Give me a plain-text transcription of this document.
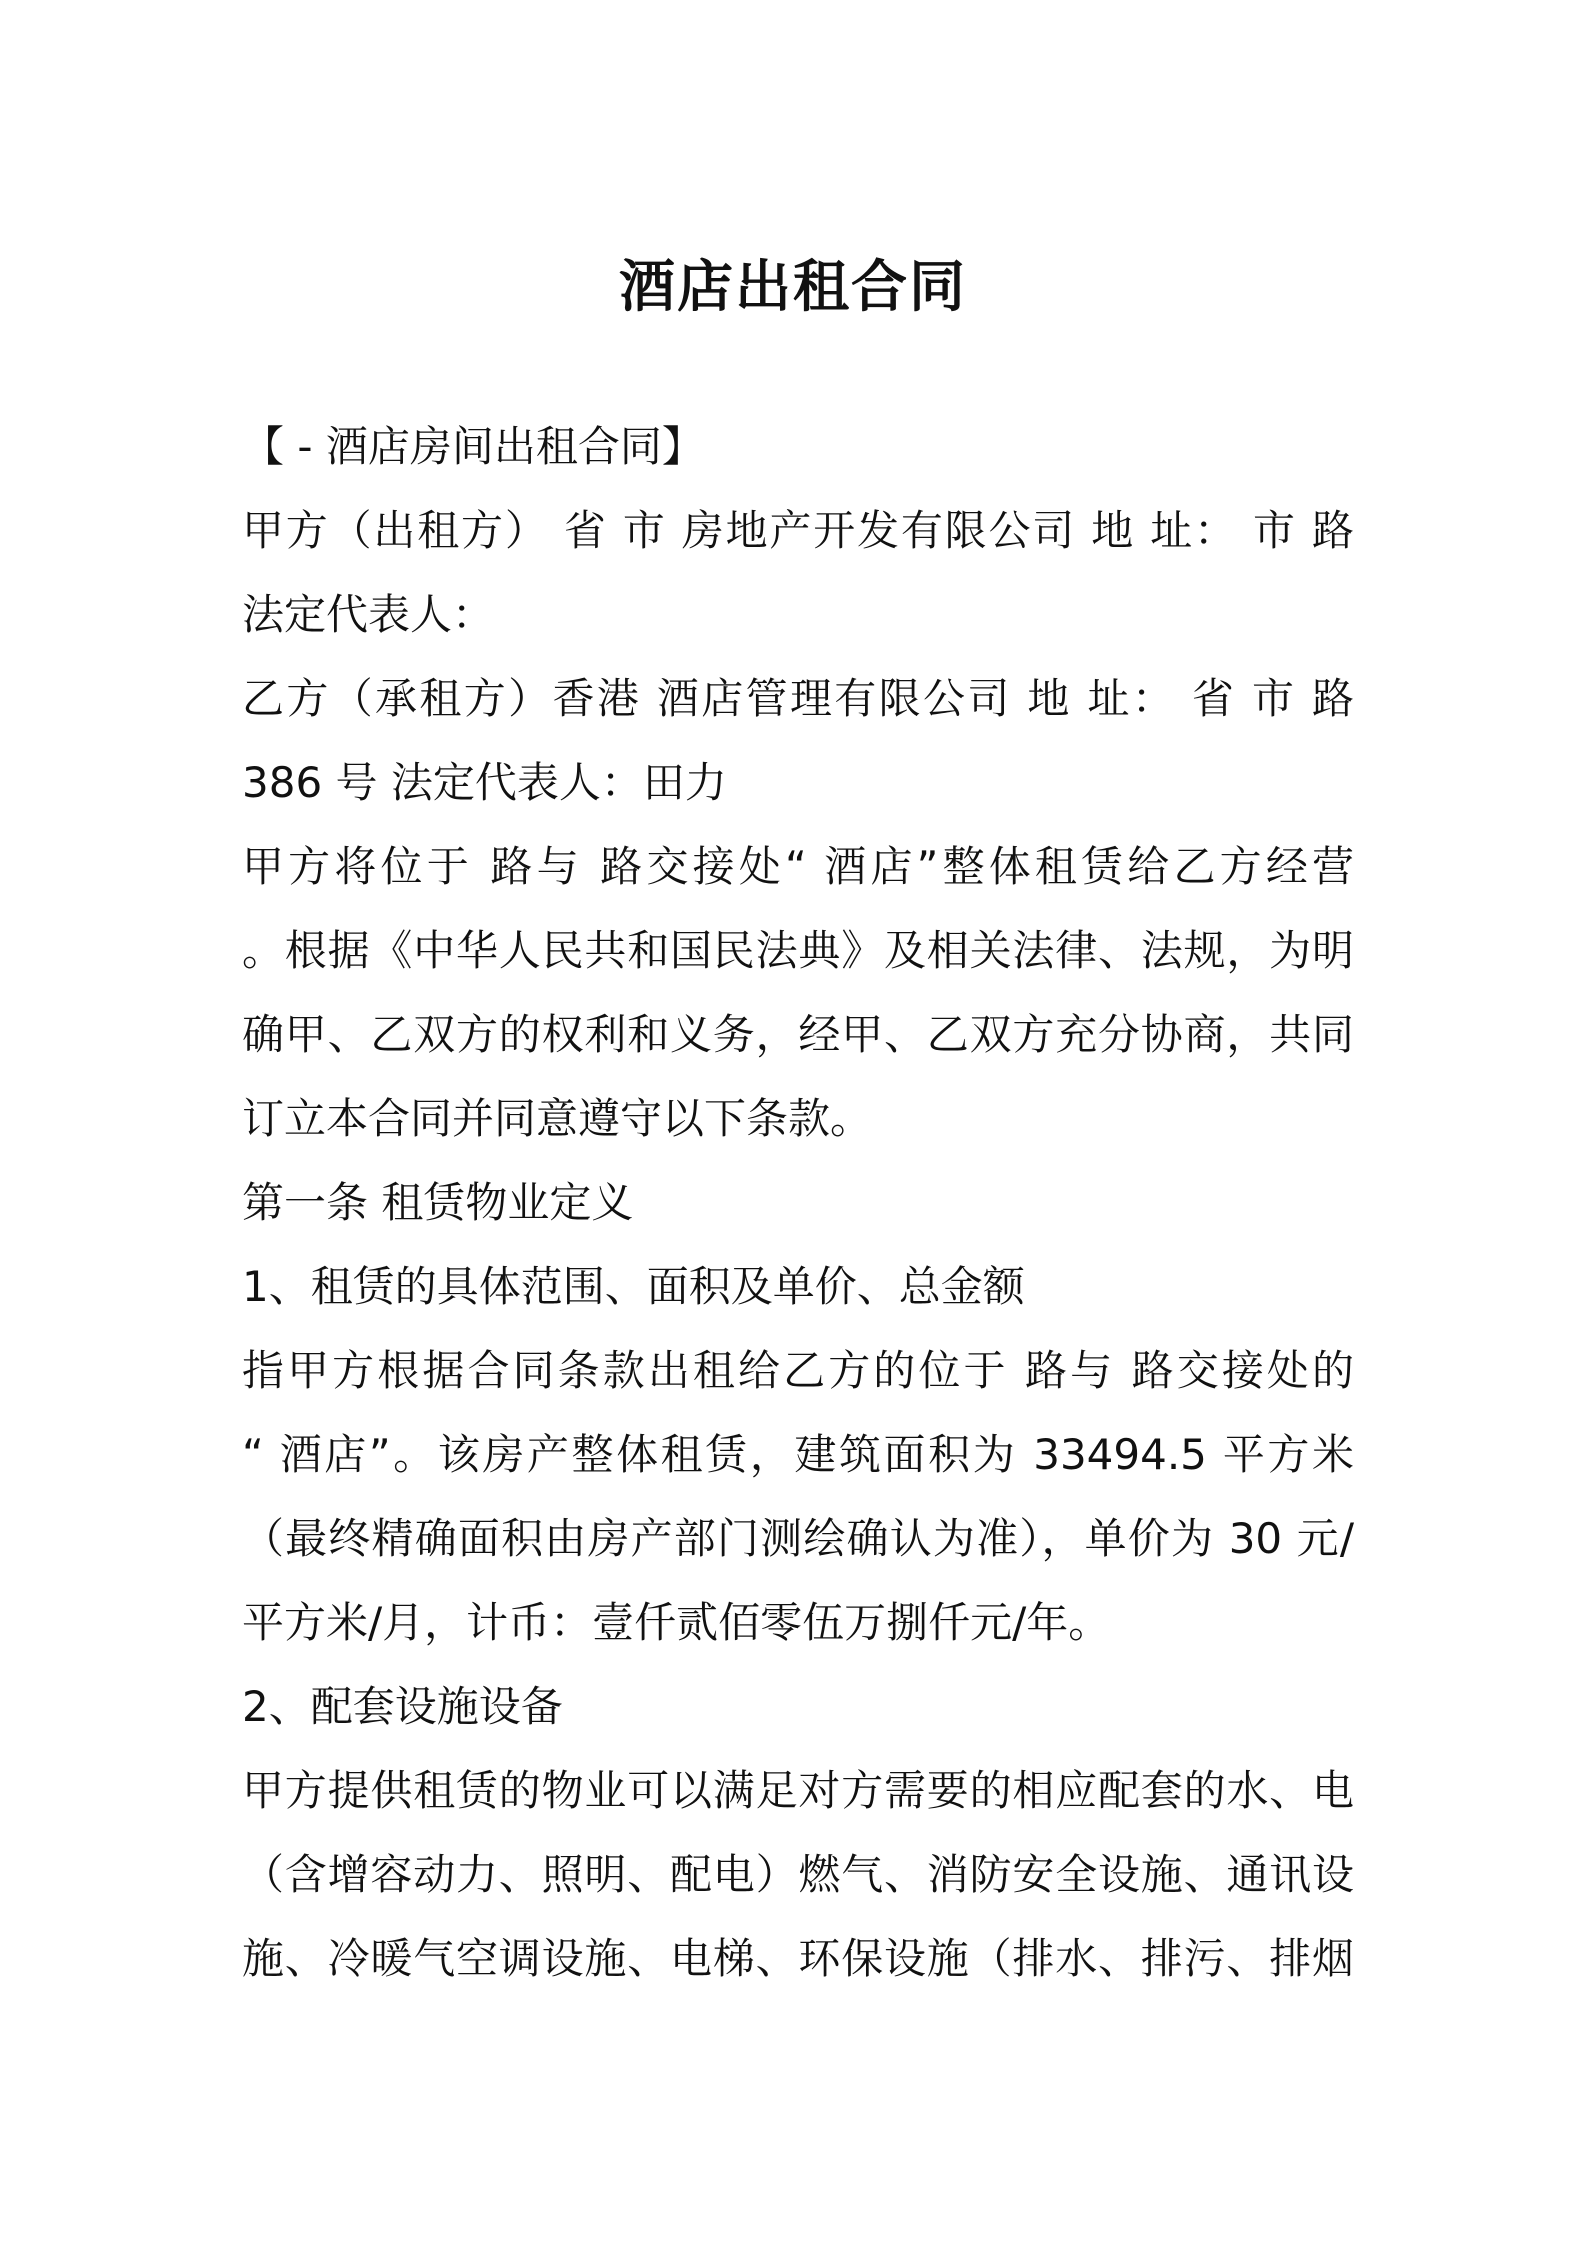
酒店出租合同
【 - 酒店房间出租合同】
甲方（出租方） 省 市 房地产开发有限公司 地 址： 市 路
法定代表人：
乙方（承租方）香港 酒店管理有限公司 地 址： 省 市 路
386 号 法定代表人：田力
甲方将位于 路与 路交接处“ 酒店”整体租赁给乙方经营
。根据《中华人民共和国民法典》及相关法律、法规，为明
确甲、乙双方的权利和义务，经甲、乙双方充分协商，共同
订立本合同并同意遵守以下条款。
第一条 租赁物业定义
1、租赁的具体范围、面积及单价、总金额
指甲方根据合同条款出租给乙方的位于 路与 路交接处的
“ 酒店”。该房产整体租赁，建筑面积为 33494.5 平方米
（最终精确面积由房产部门测绘确认为准），单价为 30 元/
平方米/月，计币：壹仟贰佰零伍万捌仟元/年。
2、配套设施设备
甲方提供租赁的物业可以满足对方需要的相应配套的水、电
（含增容动力、照明、配电）燃气、消防安全设施、通讯设
施、冷暖气空调设施、电梯、环保设施（排水、排污、排烟
